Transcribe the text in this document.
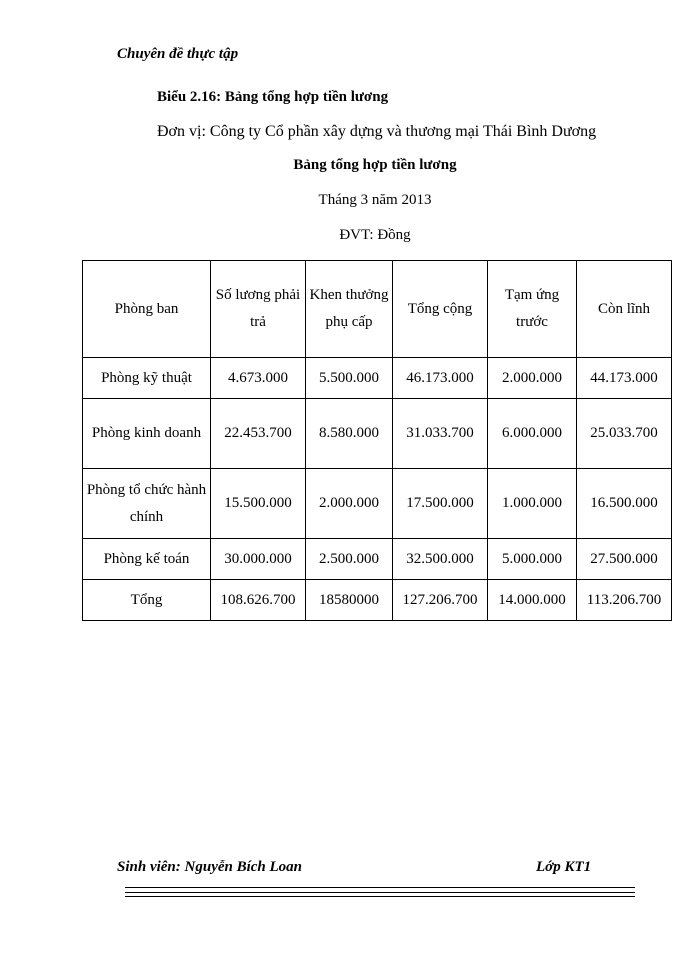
Chuyên đề thực tập
Biểu 2.16: Bảng tổng hợp tiền lương
Đơn vị: Công ty Cổ phần xây dựng và thương mại Thái Bình Dương
Bảng tổng hợp tiền lương
Tháng 3 năm 2013
ĐVT: Đồng
Phòng ban	Số lương phải trả	Khen thưởng phụ cấp	Tổng cộng	Tạm ứng trước	Còn lĩnh
Phòng kỹ thuật	4.673.000	5.500.000	46.173.000	2.000.000	44.173.000
Phòng kinh doanh	22.453.700	8.580.000	31.033.700	6.000.000	25.033.700
Phòng tổ chức hành chính	15.500.000	2.000.000	17.500.000	1.000.000	16.500.000
Phòng kế toán	30.000.000	2.500.000	32.500.000	5.000.000	27.500.000
Tổng	108.626.700	18580000	127.206.700	14.000.000	113.206.700
Sinh viên: Nguyễn Bích Loan	Lớp KT1
